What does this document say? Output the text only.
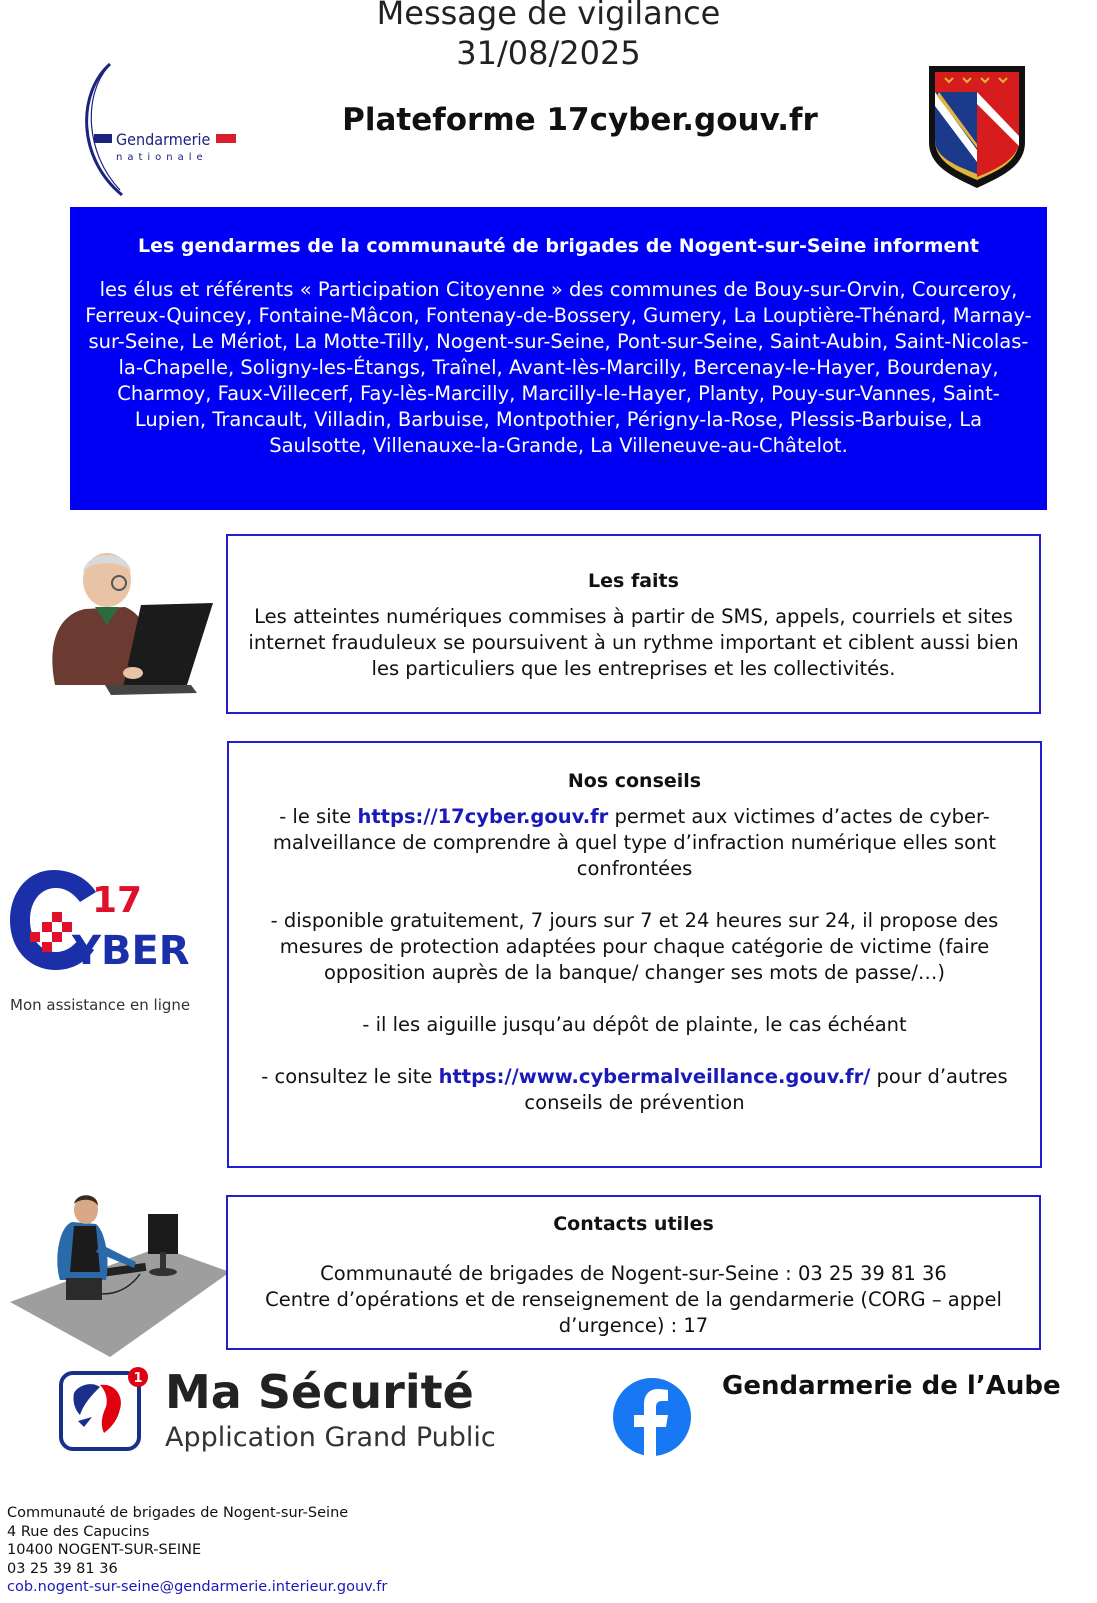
Message de vigilance
31/08/2025
Plateforme 17cyber.gouv.fr
Gendarmerie
nationale
Les gendarmes de la communauté de brigades de Nogent-sur-Seine informent
les élus et référents « Participation Citoyenne » des communes de Bouy-sur-Orvin, Courceroy, Ferreux-Quincey, Fontaine-Mâcon, Fontenay-de-Bossery, Gumery, La Louptière-Thénard, Marnay-sur-Seine, Le Mériot, La Motte-Tilly, Nogent-sur-Seine, Pont-sur-Seine, Saint-Aubin, Saint-Nicolas-la-Chapelle, Soligny-les-Étangs, Traînel, Avant-lès-Marcilly, Bercenay-le-Hayer, Bourdenay, Charmoy, Faux-Villecerf, Fay-lès-Marcilly, Marcilly-le-Hayer, Planty, Pouy-sur-Vannes, Saint-Lupien, Trancault, Villadin, Barbuise, Montpothier, Périgny-la-Rose, Plessis-Barbuise, La Saulsotte, Villenauxe-la-Grande, La Villeneuve-au-Châtelot.
Les faits
Les atteintes numériques commises à partir de SMS, appels, courriels et sites internet frauduleux se poursuivent à un rythme important et ciblent aussi bien les particuliers que les entreprises et les collectivités.
17
YBER
Mon assistance en ligne
Nos conseils

- le site https://17cyber.gouv.fr permet aux victimes d’actes de cyber-malveillance de comprendre à quel type d’infraction numérique elles sont confrontées

- disponible gratuitement, 7 jours sur 7 et 24 heures sur 24, il propose des mesures de protection adaptées pour chaque catégorie de victime (faire opposition auprès de la banque/ changer ses mots de passe/…)

- il les aiguille jusqu’au dépôt de plainte, le cas échéant

- consultez le site https://www.cybermalveillance.gouv.fr/ pour d’autres conseils de prévention

Contacts utiles
Communauté de brigades de Nogent-sur-Seine : 03 25 39 81 36
Centre d’opérations et de renseignement de la gendarmerie (CORG – appel d’urgence) : 17
1 Ma Sécurité
Application Grand Public
Gendarmerie de l’Aube
Communauté de brigades de Nogent-sur-Seine
4 Rue des Capucins
10400 NOGENT-SUR-SEINE
03 25 39 81 36
cob.nogent-sur-seine@gendarmerie.interieur.gouv.fr
